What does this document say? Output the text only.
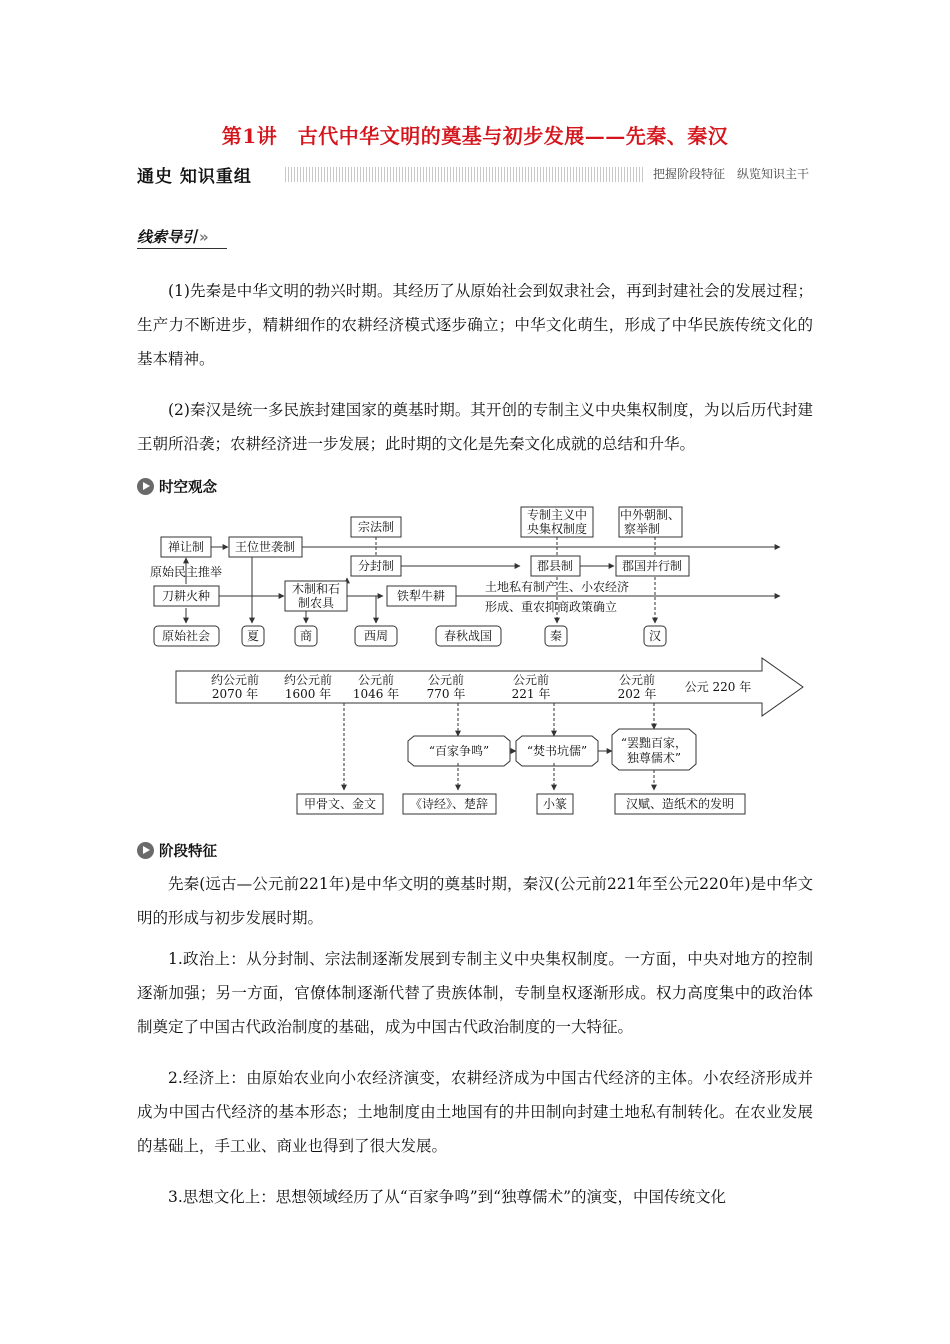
第1讲　古代中华文明的奠基与初步发展——先秦、秦汉
通史 知识重组	把握阶段特征　纵览知识主干
线索导引 »

(1)先秦是中华文明的勃兴时期。其经历了从原始社会到奴隶社会，再到封建社会的发展过程；生产力不断进步，精耕细作的农耕经济模式逐步确立；中华文化萌生，形成了中华民族传统文化的基本精神。

(2)秦汉是统一多民族封建国家的奠基时期。其开创的专制主义中央集权制度，为以后历代封建王朝所沿袭；农耕经济进一步发展；此时期的文化是先秦文化成就的总结和升华。

时空观念
宗法制
专制主义中
央集权制度
中外朝制、
察举制
禅让制	王位世袭制
原始民主推举	分封制	郡县制	郡国并行制
刀耕火种	木制和石
制农具	铁犁牛耕
土地私有制产生、小农经济
形成、重农抑商政策确立
原始社会	夏	商	西周	春秋战国	秦	汉
约公元前
2070 年
约公元前
1600 年
公元前
1046 年
公元前
770 年
公元前
221 年
公元前
202 年 公元 220 年
“百家争鸣”	“焚书坑儒”
“罢黜百家，
独尊儒术”
甲骨文、金文	《诗经》、楚辞	小篆	汉赋、造纸术的发明
阶段特征

先秦(远古—公元前221年)是中华文明的奠基时期，秦汉(公元前221年至公元220年)是中华文明的形成与初步发展时期。

1.政治上：从分封制、宗法制逐渐发展到专制主义中央集权制度。一方面，中央对地方的控制逐渐加强；另一方面，官僚体制逐渐代替了贵族体制，专制皇权逐渐形成。权力高度集中的政治体制奠定了中国古代政治制度的基础，成为中国古代政治制度的一大特征。

2.经济上：由原始农业向小农经济演变，农耕经济成为中国古代经济的主体。小农经济形成并成为中国古代经济的基本形态；土地制度由土地国有的井田制向封建土地私有制转化。在农业发展的基础上，手工业、商业也得到了很大发展。

3.思想文化上：思想领域经历了从“百家争鸣”到“独尊儒术”的演变，中国传统文化
